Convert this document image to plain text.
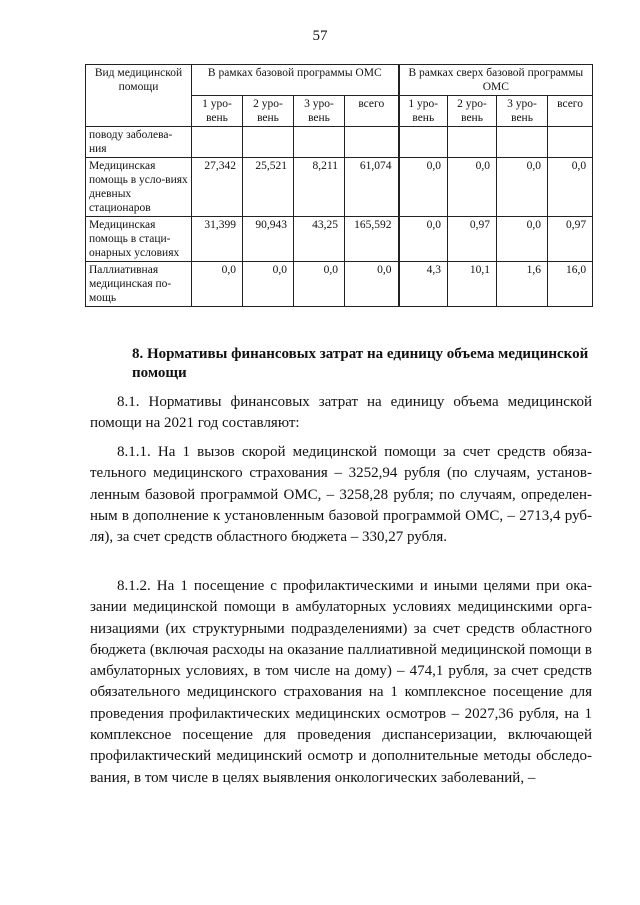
57
Вид медицинской помощи	В рамках базовой программы ОМС				В рамках сверх базовой программы ОМС			
	1 уро-вень	2 уро-вень	3 уро-вень	всего	1 уро-вень	2 уро-вень	3 уро-вень	всего
поводу заболева-ния								
Медицинская помощь в усло-виях дневных стационаров	27,342	25,521	8,211	61,074	0,0	0,0	0,0	0,0
Медицинская помощь в стаци-онарных условиях	31,399	90,943	43,25	165,592	0,0	0,97	0,0	0,97
Паллиативная медицинская по-мощь	0,0	0,0	0,0	0,0	4,3	10,1	1,6	16,0
8. Нормативы финансовых затрат на единицу объема медицинской помощи

8.1. Нормативы финансовых затрат на единицу объема медицинской помощи на 2021 год составляют:

8.1.1. На 1 вызов скорой медицинской помощи за счет средств обяза-тельного медицинского страхования – 3252,94 рубля (по случаям, установ-ленным базовой программой ОМС, – 3258,28 рубля; по случаям, определен-ным в дополнение к установленным базовой программой ОМС, – 2713,4 руб-ля), за счет средств областного бюджета – 330,27 рубля.

8.1.2. На 1 посещение с профилактическими и иными целями при ока-зании медицинской помощи в амбулаторных условиях медицинскими орга-низациями (их структурными подразделениями) за счет средств областного бюджета (включая расходы на оказание паллиативной медицинской помощи в амбулаторных условиях, в том числе на дому) – 474,1 рубля, за счет средств обязательного медицинского страхования на 1 комплексное посещение для проведения профилактических медицинских осмотров – 2027,36 рубля, на 1 комплексное посещение для проведения диспансеризации, включающей профилактический медицинский осмотр и дополнительные методы обследо-вания, в том числе в целях выявления онкологических заболеваний, –
